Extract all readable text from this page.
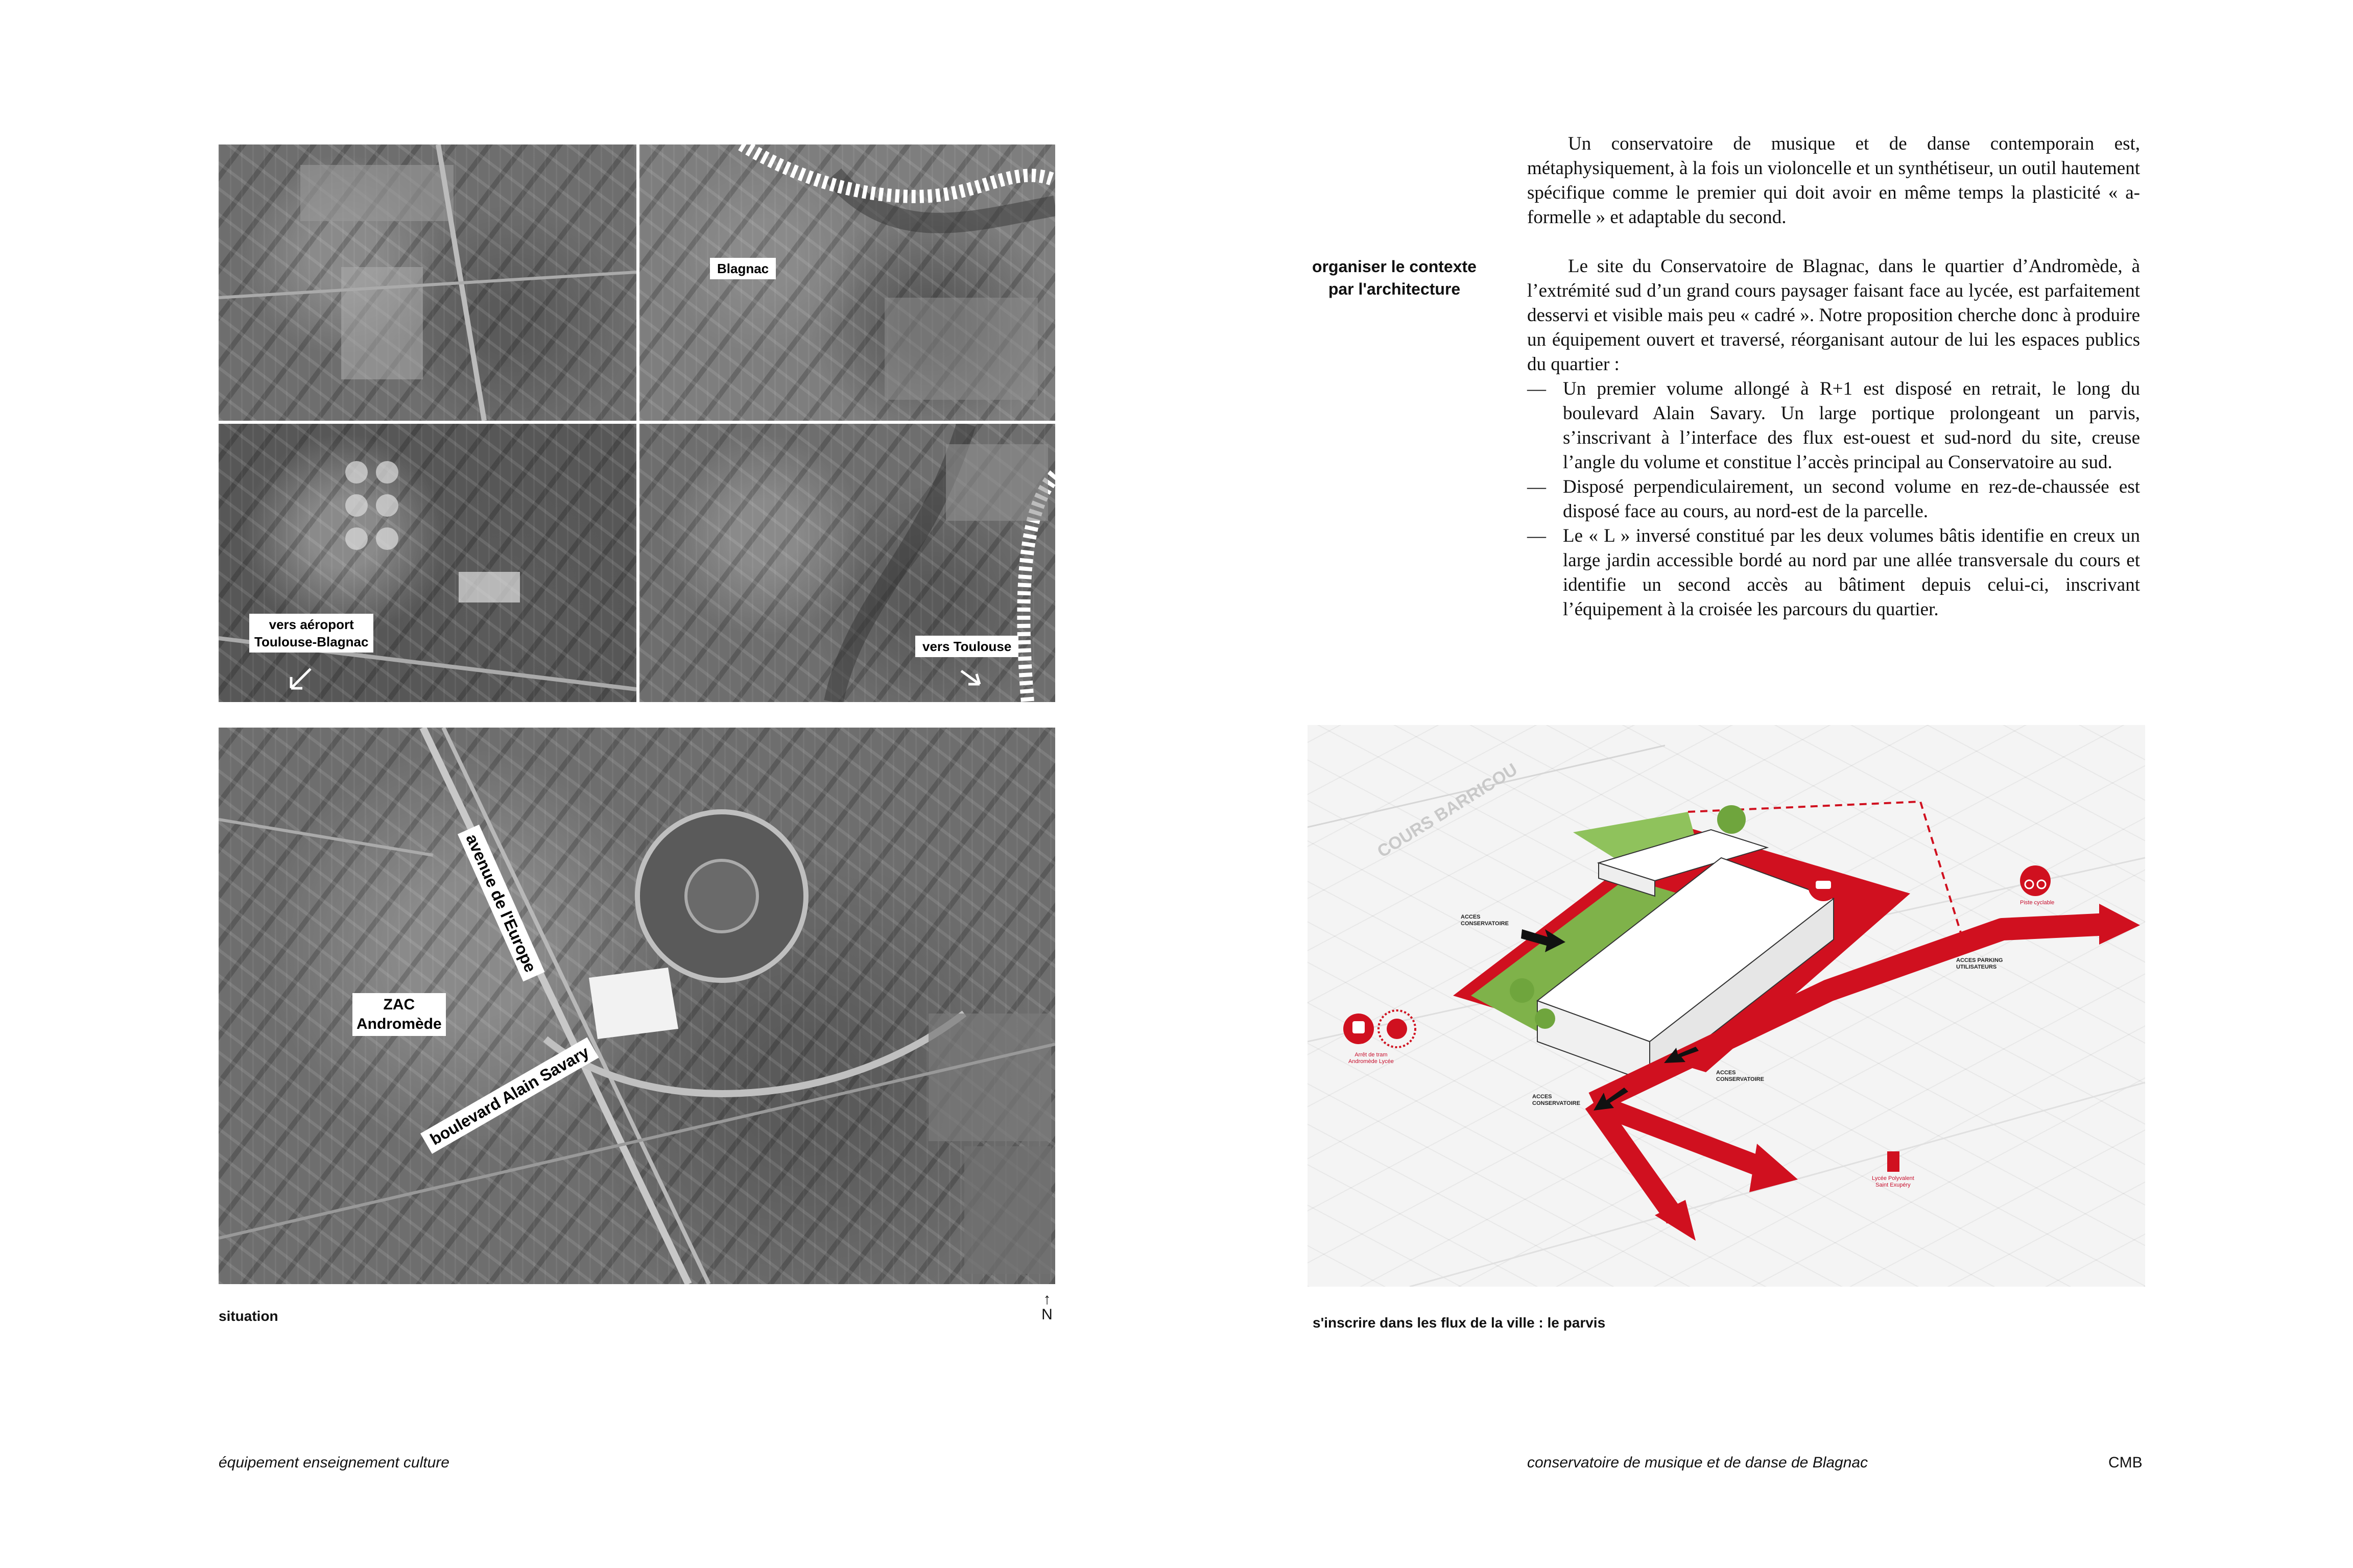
Blagnac
vers aéroport
Toulouse-Blagnac	vers Toulouse
avenue de l'Europe
ZAC
Andromède
boulevard Alain Savary
situation
↑
N

Un conservatoire de musique et de danse contemporain est, métaphysiquement, à la fois un violoncelle et un synthétiseur, un outil hautement spécifique comme le premier qui doit avoir en même temps la plasticité « a-formelle » et adaptable du second.

organiser le contexte
par l'architecture

Le site du Conservatoire de Blagnac, dans le quartier d’Andromède, à l’extrémité sud d’un grand cours paysager faisant face au lycée, est parfaitement desservi et visible mais peu « cadré ». Notre proposition cherche donc à produire un équipement ouvert et traversé, réorganisant autour de lui les espaces publics du quartier :

— Un premier volume allongé à R+1 est disposé en retrait, le long du boulevard Alain Savary. Un large portique prolongeant un parvis, s’inscrivant à l’interface des flux est-ouest et sud-nord du site, creuse l’angle du volume et constitue l’accès principal au Conservatoire au sud.
— Disposé perpendiculairement, un second volume en rez-de-chaussée est disposé face au cours, au nord-est de la parcelle.
— Le « L » inversé constitué par les deux volumes bâtis identifie en creux un large jardin accessible bordé au nord par une allée transversale du cours et identifie un second accès au bâtiment depuis celui-ci, inscrivant l’équipement à la croisée les parcours du quartier.
COURS BARRICOU
ACCES
CONSERVATOIRE
ACCES
CONSERVATOIRE
ACCES
CONSERVATOIRE
ACCES PARKING
UTILISATEURS
Piste cyclable
Arrêt de tram
Andromède Lycée
Lycée Polyvalent
Saint Exupéry
s'inscrire dans les flux de la ville : le parvis
équipement enseignement culture	conservatoire de musique et de danse de Blagnac	CMB
